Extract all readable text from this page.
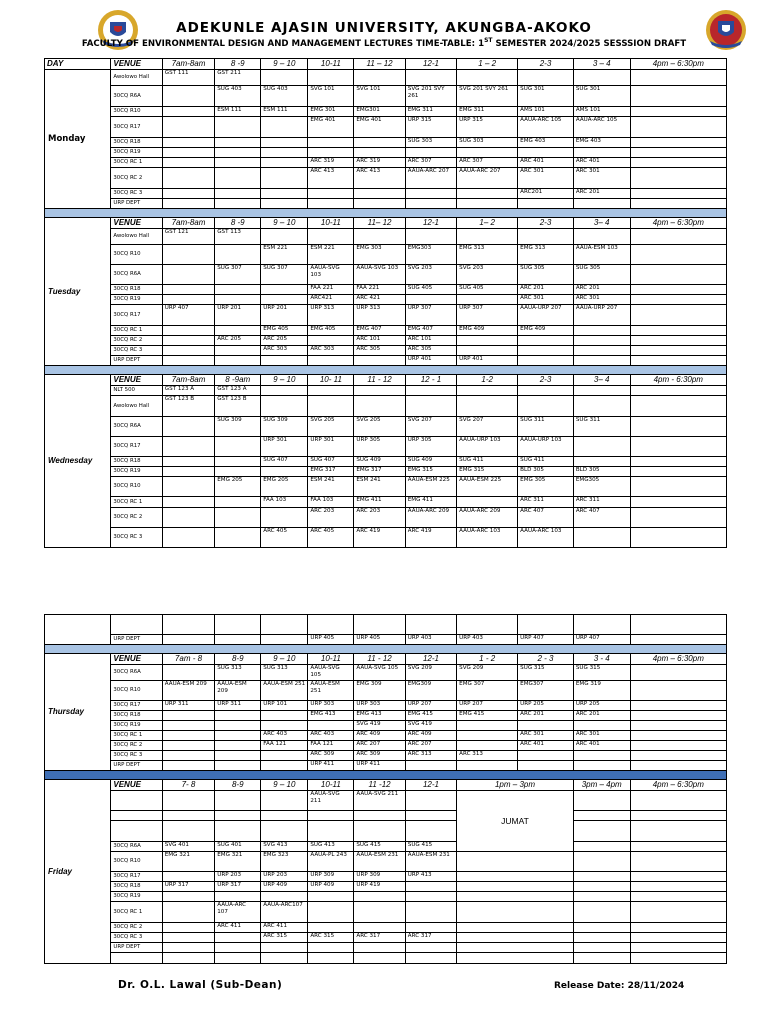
ADEKUNLE AJASIN UNIVERSITY, AKUNGBA-AKOKO
FACULTY OF ENVIRONMENTAL DESIGN AND MANAGEMENT LECTURES TIME-TABLE: 1ST SEMESTER 2024/2025 SESSSION DRAFT
DAY	VENUE	7am-8am	8 -9	9 – 10	10-11	11 – 12	12-1	1 – 2	2-3	3 – 4	4pm – 6:30pm
Monday	Awolowo Hall	GST 111	GST 211								
	30CQ R6A		SUG 403	SUG 403	SVG 101	SVG 101	SVG 201 SVY 261	SVG 201 SVY 261	SUG 301	SUG 301	
	30CQ R10		ESM 111	ESM 111	EMG 301	EMG301	EMG 311	EMG 311	AMS 101	AMS 101	
	30CQ R17				EMG 401	EMG 401	URP 315	URP 315	AAUA-ARC 105	AAUA-ARC 105	
	30CQ R18						SUG 303	SUG 303	EMG 403	EMG 403	
	30CQ R19										
	30CQ RC 1				ARC 319	ARC 319	ARC 307	ARC 307	ARC 401	ARC 401	
	30CQ RC 2				ARC 413	ARC 413	AAUA-ARC 207	AAUA-ARC 207	ARC 301	ARC 301	
	30CQ RC 3								ARC201	ARC 201	
	URP DEPT										

Tuesday	VENUE	7am-8am	8 -9	9 – 10	10-11	11– 12	12-1	1– 2	2-3	3– 4	4pm – 6:30pm
	Awolowo Hall	GST 121	GST 113								
	30CQ R10			ESM 221	ESM 221	EMG 303	EMG303	EMG 313	EMG 313	AAUA-ESM 103	
	30CQ R6A		SUG 307	SUG 307	AAUA-SVG 103	AAUA-SVG 103	SVG 203	SVG 203	SUG 305	SUG 305	
	30CQ R18				FAA 221	FAA 221	SUG 405	SUG 405	ARC 201	ARC 201	
	30CQ R19				ARC421	ARC 421			ARC 301	ARC 301	
	30CQ R17	URP 407	URP 201	URP 201	URP 313	URP 313	URP 307	URP 307	AAUA-URP 207	AAUA-URP 207	
	30CQ RC 1			EMG 405	EMG 405	EMG 407	EMG 407	EMG 409	EMG 409		
	30CQ RC 2		ARC 205	ARC 205		ARC 101	ARC 101				
	30CQ RC 3			ARC 303	ARC 303	ARC 305	ARC 305				
	URP DEPT						URP 401	URP 401			

Wednesday	VENUE	7am-8am	8 -9am	9 – 10	10- 11	11 - 12	12 - 1	1-2	2-3	3– 4	4pm - 6:30pm
	NLT 500	GST 123 A	GST 123 A								
	Awolowo Hall	GST 123 B	GST 123 B								
	30CQ R6A		SUG 309	SUG 309	SVG 205	SVG 205	SVG 207	SVG 207	SUG 311	SUG 311	
	30CQ R17			URP 301	URP 301	URP 305	URP 305	AAUA-URP 103	AAUA-URP 103		
	30CQ R18			SUG 407	SUG 407	SUG 409	SUG 409	SUG 411	SUG 411		
	30CQ R19				EMG 317	EMG 317	EMG 315	EMG 315	BLD 305	BLD 305	
	30CQ R10		EMG 205	EMG 205	ESM 241	ESM 241	AAUA-ESM 225	AAUA-ESM 225	EMG 305	EMG305	
	30CQ RC 1			FAA 103	FAA 103	EMG 411	EMG 411		ARC 311	ARC 311	
	30CQ RC 2				ARC 203	ARC 203	AAUA-ARC 209	AAUA-ARC 209	ARC 407	ARC 407	
	30CQ RC 3			ARC 405	ARC 405	ARC 419	ARC 419	AAUA-ARC 103	AAUA-ARC 103		

	URP DEPT				URP 405	URP 405	URP 403	URP 403	URP 407	URP 407	

Thursday	VENUE	7am - 8	8-9	9 – 10	10-11	11 - 12	12-1	1 - 2	2 - 3	3 - 4	4pm – 6:30pm
	30CQ R6A		SUG 313	SUG 313	AAUA-SVG 105	AAUA-SVG 105	SVG 209	SVG 209	SUG 315	SUG 315	
	30CQ R10	AAUA-ESM 209	AAUA-ESM 209	AAUA-ESM 251	AAUA-ESM 251	EMG 309	EMG309	EMG 307	EMG307	EMG 319	
	30CQ R17	URP 311	URP 311	URP 101	URP 303	URP 303	URP 207	URP 207	URP 205	URP 205	
	30CQ R18				EMG 413	EMG 413	EMG 415	EMG 415	ARC 201	ARC 201	
	30CQ R19					SVG 419	SVG 419				
	30CQ RC 1			ARC 403	ARC 403	ARC 409	ARC 409		ARC 301	ARC 301	
	30CQ RC 2			FAA 121	FAA 121	ARC 207	ARC 207		ARC 401	ARC 401	
	30CQ RC 3				ARC 309	ARC 309	ARC 313	ARC 313			
	URP DEPT				URP 411	URP 411					

Friday	VENUE	7- 8	8-9	9 – 10	10-11	11 -12	12-1	1pm – 3pm		3pm – 4pm	4pm – 6:30pm
					AAUA-SVG 211	AAUA-SVG 211		JUMAT			

	30CQ R6A	SVG 401	SUG 401	SVG 413	SUG 413	SUG 415	SUG 415				
	30CQ R10	EMG 321	EMG 321	EMG 323	AAUA-PL 243	AAUA-ESM 231	AAUA-ESM 231				
	30CQ R17		URP 203	URP 203	URP 309	URP 309	URP 413				
	30CQ R18	URP 317	URP 317	URP 409	URP 409	URP 419					
	30CQ R19										
	30CQ RC 1		AAUA-ARC 107	AAUA-ARC107							
	30CQ RC 2		ARC 411	ARC 411							
	30CQ RC 3			ARC 315	ARC 315	ARC 317	ARC 317				
	URP DEPT										

Dr. O.L. Lawal (Sub-Dean)	Release Date: 28/11/2024
